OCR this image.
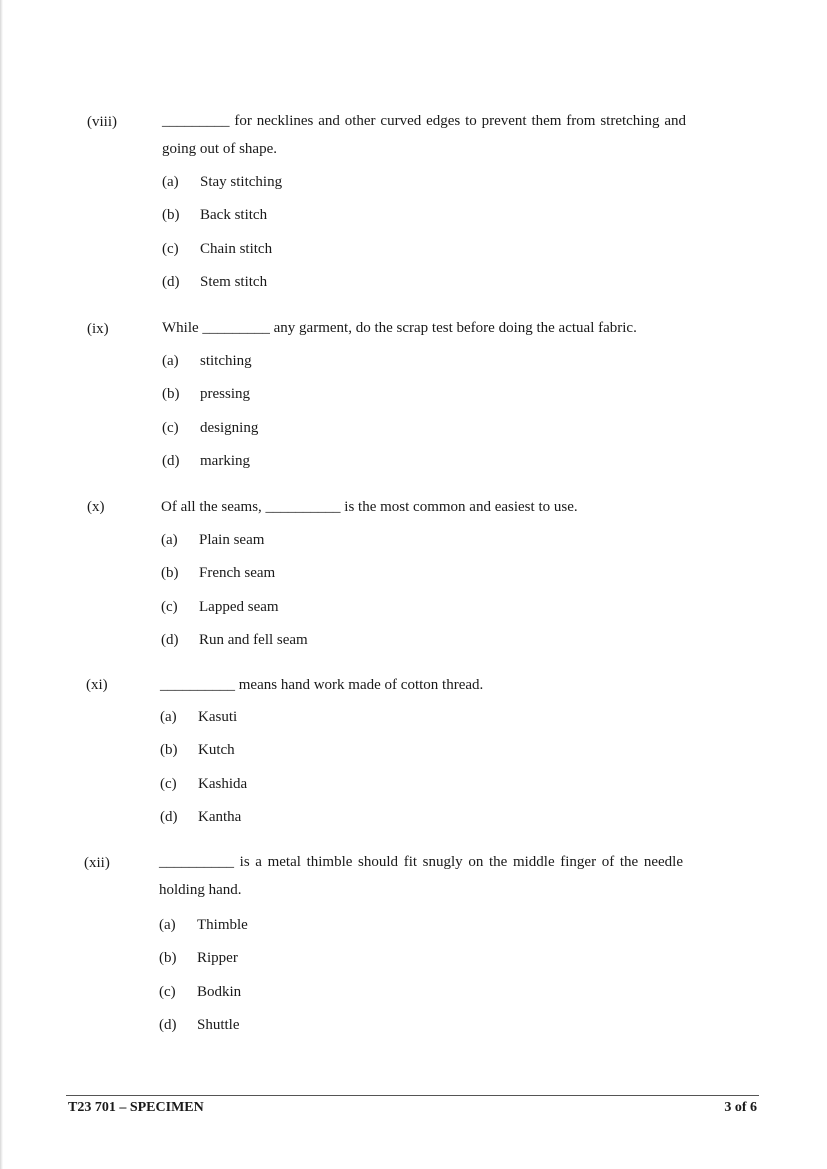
(viii)	_________ for necklines and other curved edges to prevent them from stretching and going out of shape.
(a) Stay stitching
(b) Back stitch
(c) Chain stitch
(d) Stem stitch
(ix)	While _________ any garment, do the scrap test before doing the actual fabric.
(a) stitching
(b) pressing
(c) designing
(d) marking
(x)	Of all the seams, __________ is the most common and easiest to use.
(a) Plain seam
(b) French seam
(c) Lapped seam
(d) Run and fell seam
(xi)	__________ means hand work made of cotton thread.
(a) Kasuti
(b) Kutch
(c) Kashida
(d) Kantha
(xii)	__________ is a metal thimble should fit snugly on the middle finger of the needle holding hand.
(a) Thimble
(b) Ripper
(c) Bodkin
(d) Shuttle
T23 701 – SPECIMEN	3 of 6
